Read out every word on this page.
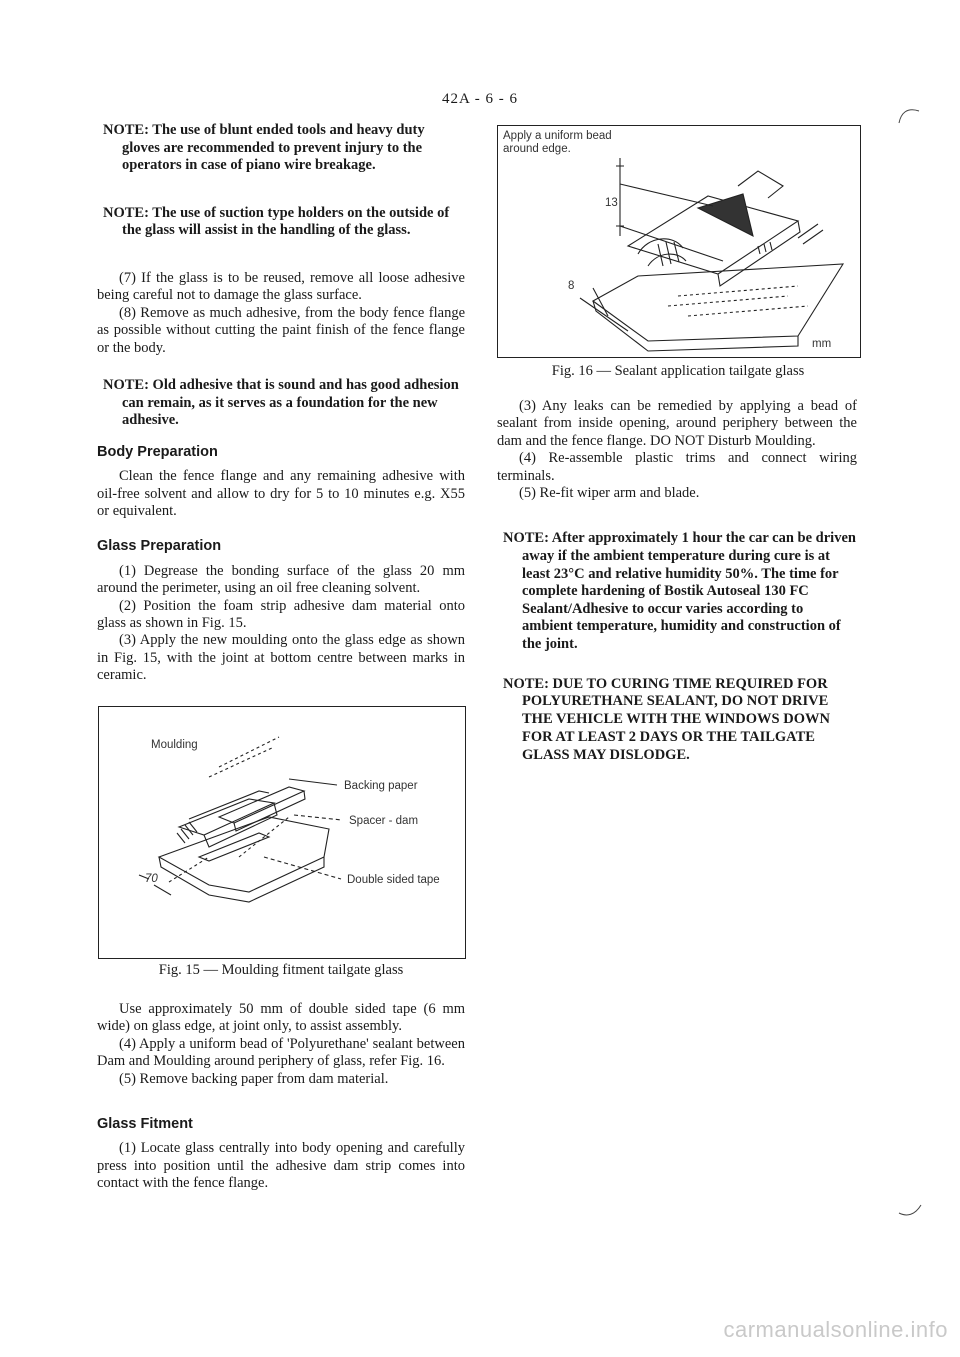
42A - 6 - 6

NOTE: The use of blunt ended tools and heavy duty gloves are recommended to prevent injury to the operators in case of piano wire breakage.

NOTE: The use of suction type holders on the outside of the glass will assist in the handling of the glass.

(7) If the glass is to be reused, remove all loose adhesive being careful not to damage the glass surface.

(8) Remove as much adhesive, from the body fence flange as possible without cutting the paint finish of the fence flange or the body.

NOTE: Old adhesive that is sound and has good adhesion can remain, as it serves as a foundation for the new adhesive.

Body Preparation

Clean the fence flange and any remaining adhesive with oil-free solvent and allow to dry for 5 to 10 minutes e.g. X55 or equivalent.

Glass Preparation

(1) Degrease the bonding surface of the glass 20 mm around the perimeter, using an oil free cleaning solvent.

(2) Position the foam strip adhesive dam material onto glass as shown in Fig. 15.

(3) Apply the new moulding onto the glass edge as shown in Fig. 15, with the joint at bottom centre between marks in ceramic.

Moulding
Backing paper
Spacer - dam
Double sided tape
70
Fig. 15 — Moulding fitment tailgate glass

Use approximately 50 mm of double sided tape (6 mm wide) on glass edge, at joint only, to assist assembly.

(4) Apply a uniform bead of 'Polyurethane' sealant between Dam and Moulding around periphery of glass, refer Fig. 16.

(5) Remove backing paper from dam material.

Glass Fitment

(1) Locate glass centrally into body opening and carefully press into position until the adhesive dam strip comes into contact with the fence flange.

Apply a uniform bead around edge.
13
8
mm
Fig. 16 — Sealant application tailgate glass

(3) Any leaks can be remedied by applying a bead of sealant from inside opening, around periphery between the dam and the fence flange. DO NOT Disturb Moulding.

(4) Re-assemble plastic trims and connect wiring terminals.

(5) Re-fit wiper arm and blade.

NOTE: After approximately 1 hour the car can be driven away if the ambient temperature during cure is at least 23°C and relative humidity 50%. The time for complete hardening of Bostik Autoseal 130 FC Sealant/Adhesive to occur varies according to ambient temperature, humidity and construction of the joint.

NOTE: DUE TO CURING TIME REQUIRED FOR POLYURETHANE SEALANT, DO NOT DRIVE THE VEHICLE WITH THE WINDOWS DOWN FOR AT LEAST 2 DAYS OR THE TAILGATE GLASS MAY DISLODGE.

carmanualsonline.info
